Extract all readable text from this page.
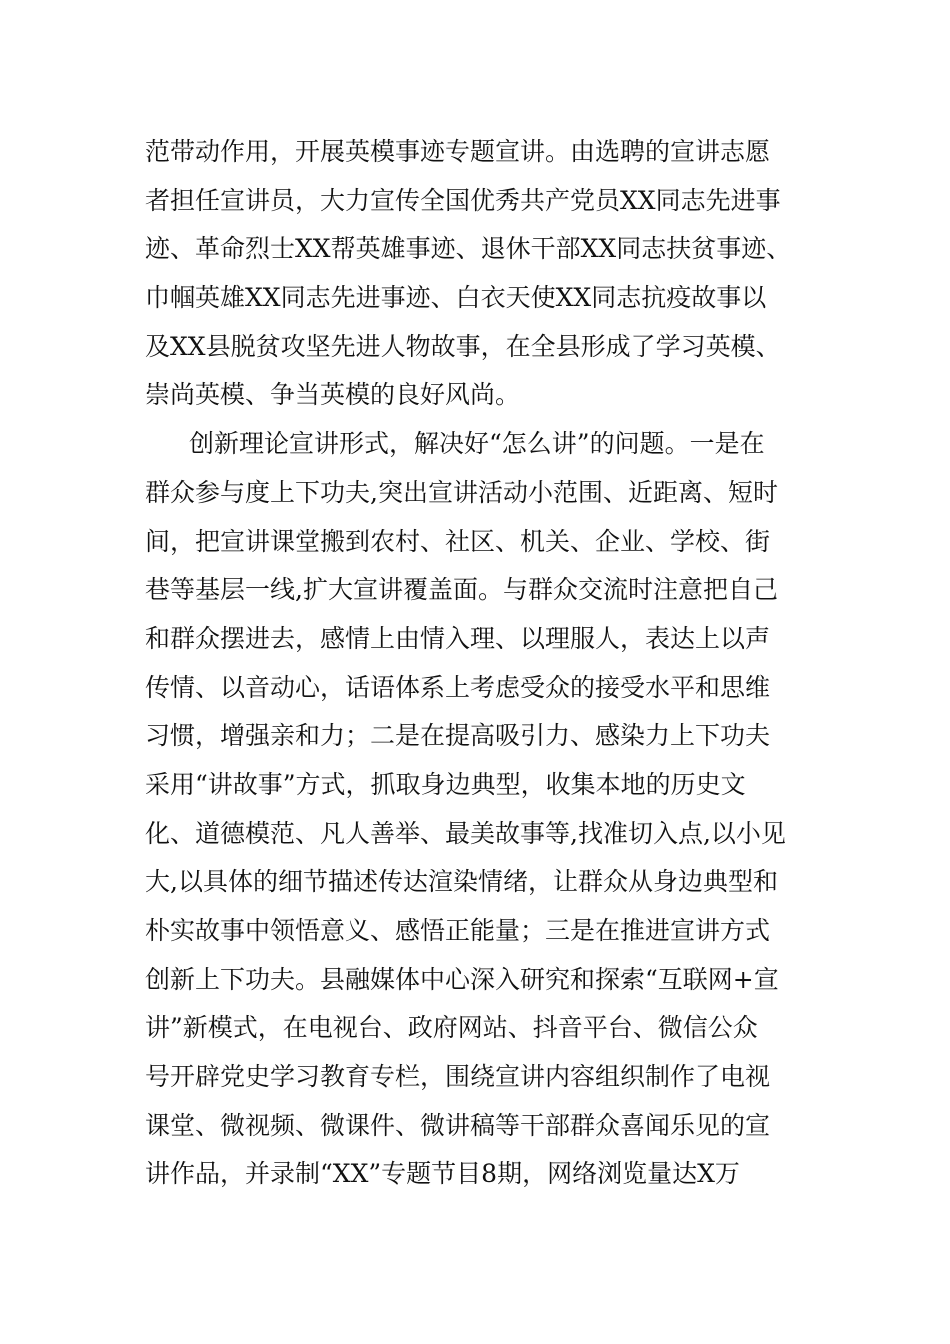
范带动作用，开展英模事迹专题宣讲。由选聘的宣讲志愿
者担任宣讲员，大力宣传全国优秀共产党员XX同志先进事
迹、革命烈士XX帮英雄事迹、退休干部XX同志扶贫事迹、
巾帼英雄XX同志先进事迹、白衣天使XX同志抗疫故事以
及XX县脱贫攻坚先进人物故事，在全县形成了学习英模、
崇尚英模、争当英模的良好风尚。
创新理论宣讲形式，解决好“怎么讲”的问题。一是在
群众参与度上下功夫,突出宣讲活动小范围、近距离、短时
间，把宣讲课堂搬到农村、社区、机关、企业、学校、街
巷等基层一线,扩大宣讲覆盖面。与群众交流时注意把自己
和群众摆进去，感情上由情入理、以理服人，表达上以声
传情、以音动心，话语体系上考虑受众的接受水平和思维
习惯，增强亲和力；二是在提高吸引力、感染力上下功夫
采用“讲故事”方式，抓取身边典型，收集本地的历史文
化、道德模范、凡人善举、最美故事等,找准切入点,以小见
大,以具体的细节描述传达渲染情绪，让群众从身边典型和
朴实故事中领悟意义、感悟正能量；三是在推进宣讲方式
创新上下功夫。县融媒体中心深入研究和探索“互联网+宣
讲”新模式，在电视台、政府网站、抖音平台、微信公众
号开辟党史学习教育专栏，围绕宣讲内容组织制作了电视
课堂、微视频、微课件、微讲稿等干部群众喜闻乐见的宣
讲作品，并录制“XX”专题节目8期，网络浏览量达X万
